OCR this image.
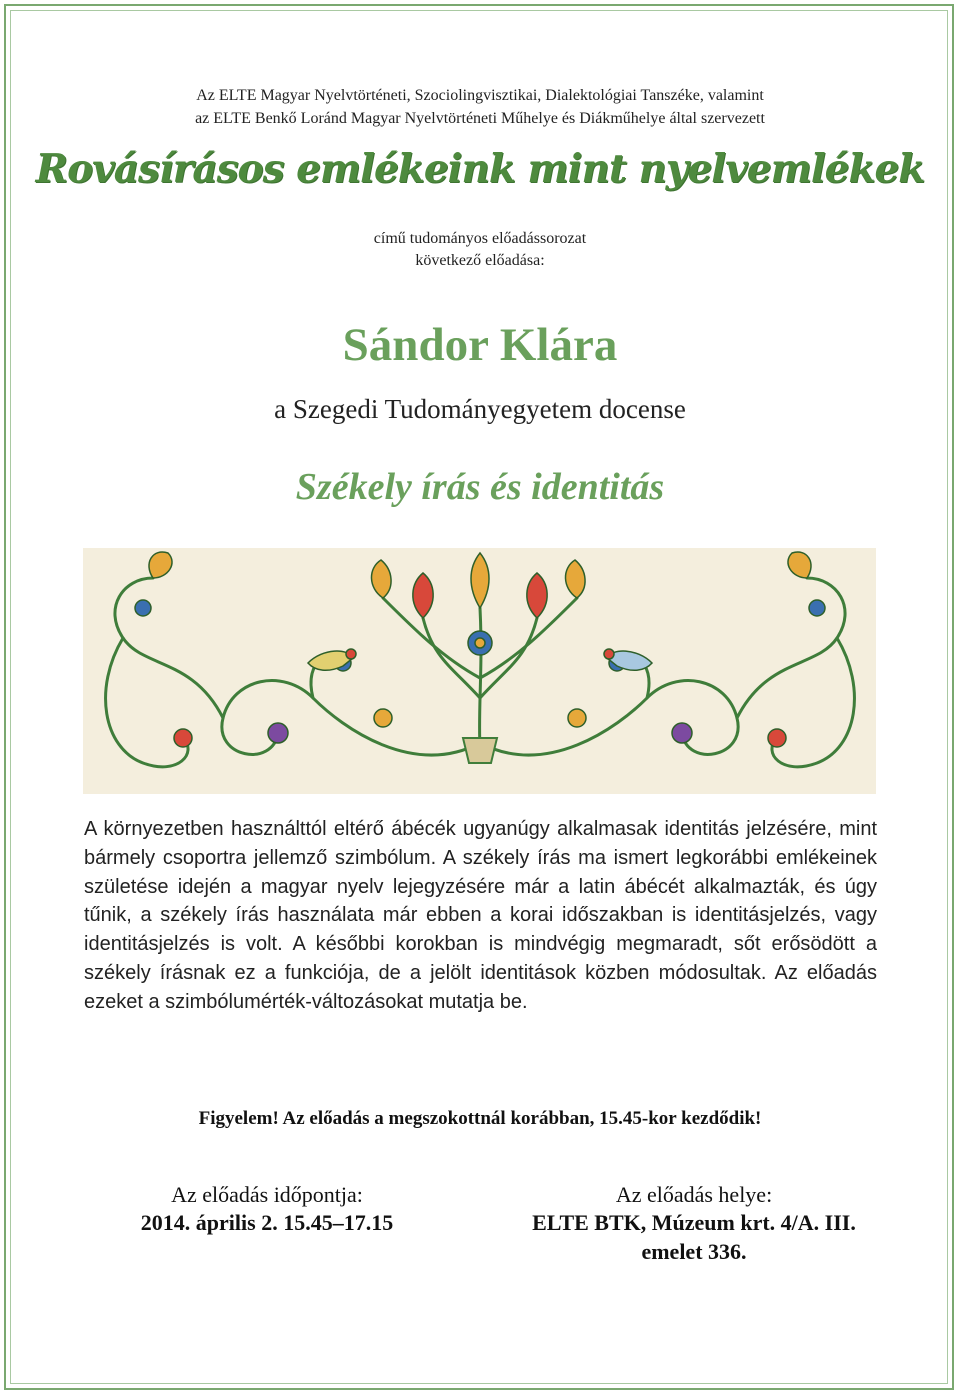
Az ELTE Magyar Nyelvtörténeti, Szociolingvisztikai, Dialektológiai Tanszéke, valamint
az ELTE Benkő Loránd Magyar Nyelvtörténeti Műhelye és Diákműhelye által szervezett
Rovásírásos emlékeink mint nyelvemlékek
című tudományos előadássorozat
következő előadása:
Sándor Klára
a Szegedi Tudományegyetem docense
Székely írás és identitás
A környezetben használttól eltérő ábécék ugyanúgy alkalmasak identitás jelzésére, mint bármely csoportra jellemző szimbólum. A székely írás ma ismert legkorábbi emlékeinek születése idején a magyar nyelv lejegyzésére már a latin ábécét alkalmazták, és úgy tűnik, a székely írás használata már ebben a korai időszakban is identitásjelzés, vagy identitásjelzés is volt. A későbbi korokban is mindvégig megmaradt, sőt erősödött a székely írásnak ez a funkciója, de a jelölt identitások közben módosultak. Az előadás ezeket a szimbólumérték-változásokat mutatja be.
Figyelem! Az előadás a megszokottnál korábban, 15.45-kor kezdődik!
Az előadás időpontja:
2014. április 2. 15.45–17.15
Az előadás helye:
ELTE BTK, Múzeum krt. 4/A. III.
emelet 336.
